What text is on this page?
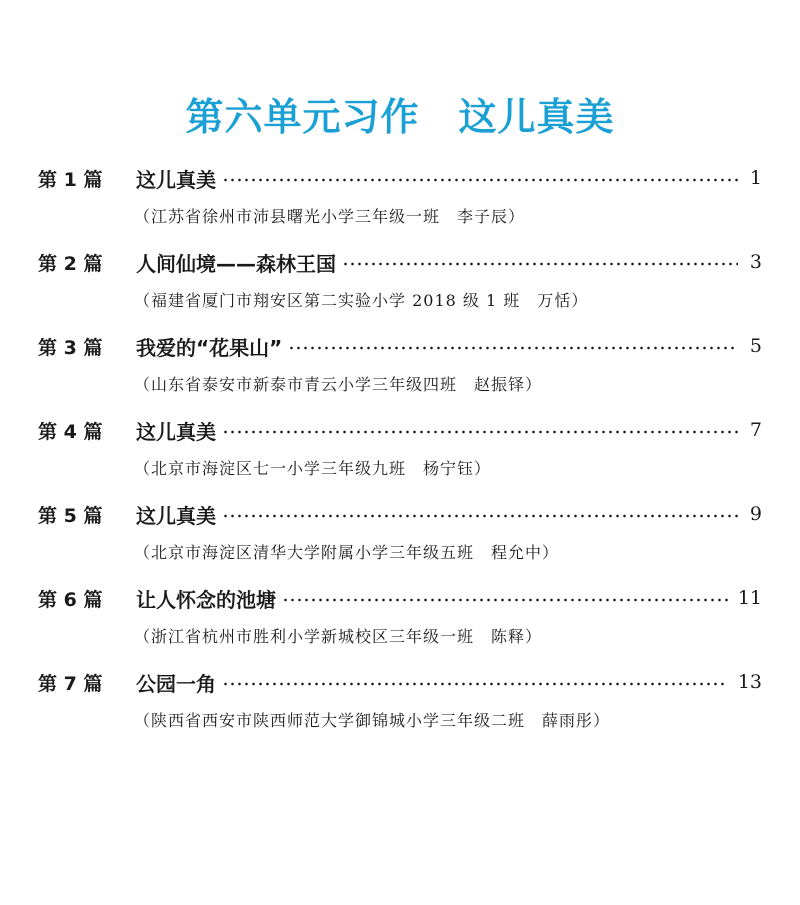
第六单元习作　这儿真美
第 1 篇	这儿真美	1
（江苏省徐州市沛县曙光小学三年级一班　李子辰）
第 2 篇	人间仙境——森林王国	3
（福建省厦门市翔安区第二实验小学 2018 级 1 班　万恬）
第 3 篇	我爱的“花果山”	5
（山东省泰安市新泰市青云小学三年级四班　赵振铎）
第 4 篇	这儿真美	7
（北京市海淀区七一小学三年级九班　杨宁钰）
第 5 篇	这儿真美	9
（北京市海淀区清华大学附属小学三年级五班　程允中）
第 6 篇	让人怀念的池塘	11
（浙江省杭州市胜利小学新城校区三年级一班　陈释）
第 7 篇	公园一角	13
（陕西省西安市陕西师范大学御锦城小学三年级二班　薛雨彤）
